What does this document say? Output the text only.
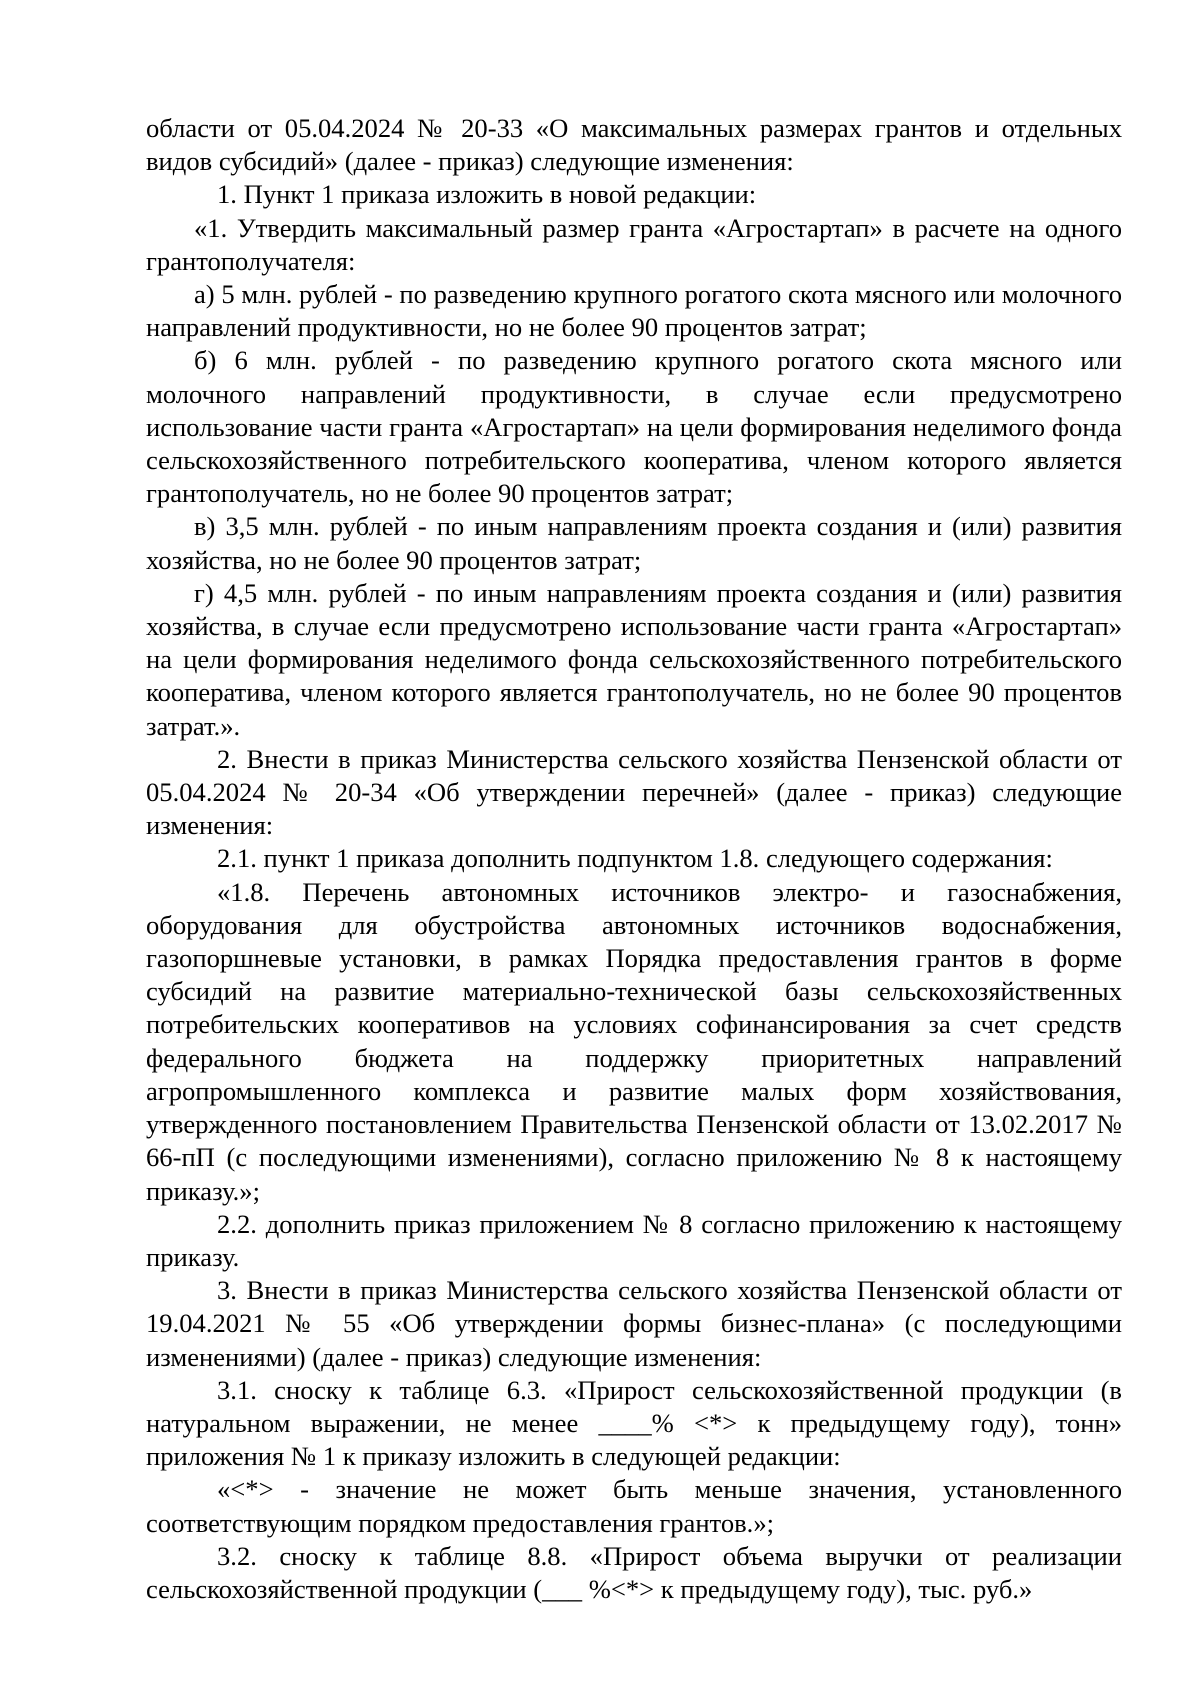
области от 05.04.2024 № 20-33 «О максимальных размерах грантов и отдельных видов субсидий» (далее - приказ) следующие изменения:

1. Пункт 1 приказа изложить в новой редакции:

«1. Утвердить максимальный размер гранта «Агростартап» в расчете на одного грантополучателя:

а) 5 млн. рублей - по разведению крупного рогатого скота мясного или молочного направлений продуктивности, но не более 90 процентов затрат;

б) 6 млн. рублей - по разведению крупного рогатого скота мясного или молочного направлений продуктивности, в случае если предусмотрено использование части гранта «Агростартап» на цели формирования неделимого фонда сельскохозяйственного потребительского кооператива, членом которого является грантополучатель, но не более 90 процентов затрат;

в) 3,5 млн. рублей - по иным направлениям проекта создания и (или) развития хозяйства, но не более 90 процентов затрат;

г) 4,5 млн. рублей - по иным направлениям проекта создания и (или) развития хозяйства, в случае если предусмотрено использование части гранта «Агростартап» на цели формирования неделимого фонда сельскохозяйственного потребительского кооператива, членом которого является грантополучатель, но не более 90 процентов затрат.».

2. Внести в приказ Министерства сельского хозяйства Пензенской области от 05.04.2024 № 20-34 «Об утверждении перечней» (далее - приказ) следующие изменения:

2.1. пункт 1 приказа дополнить подпунктом 1.8. следующего содержания:

«1.8. Перечень автономных источников электро- и газоснабжения, оборудования для обустройства автономных источников водоснабжения, газопоршневые установки, в рамках Порядка предоставления грантов в форме субсидий на развитие материально-технической базы сельскохозяйственных потребительских кооперативов на условиях софинансирования за счет средств федерального бюджета на поддержку приоритетных направлений агропромышленного комплекса и развитие малых форм хозяйствования, утвержденного постановлением Правительства Пензенской области от 13.02.2017 № 66-пП (с последующими изменениями), согласно приложению № 8 к настоящему приказу.»;

2.2. дополнить приказ приложением № 8 согласно приложению к настоящему приказу.

3. Внести в приказ Министерства сельского хозяйства Пензенской области от 19.04.2021 № 55 «Об утверждении формы бизнес-плана» (с последующими изменениями) (далее - приказ) следующие изменения:

3.1. сноску к таблице 6.3. «Прирост сельскохозяйственной продукции (в натуральном выражении, не менее ____% <*> к предыдущему году), тонн» приложения № 1 к приказу изложить в следующей редакции:

«<*> - значение не может быть меньше значения, установленного соответствующим порядком предоставления грантов.»;

3.2. сноску к таблице 8.8. «Прирост объема выручки от реализации сельскохозяйственной продукции (___ %<*> к предыдущему году), тыс. руб.»
